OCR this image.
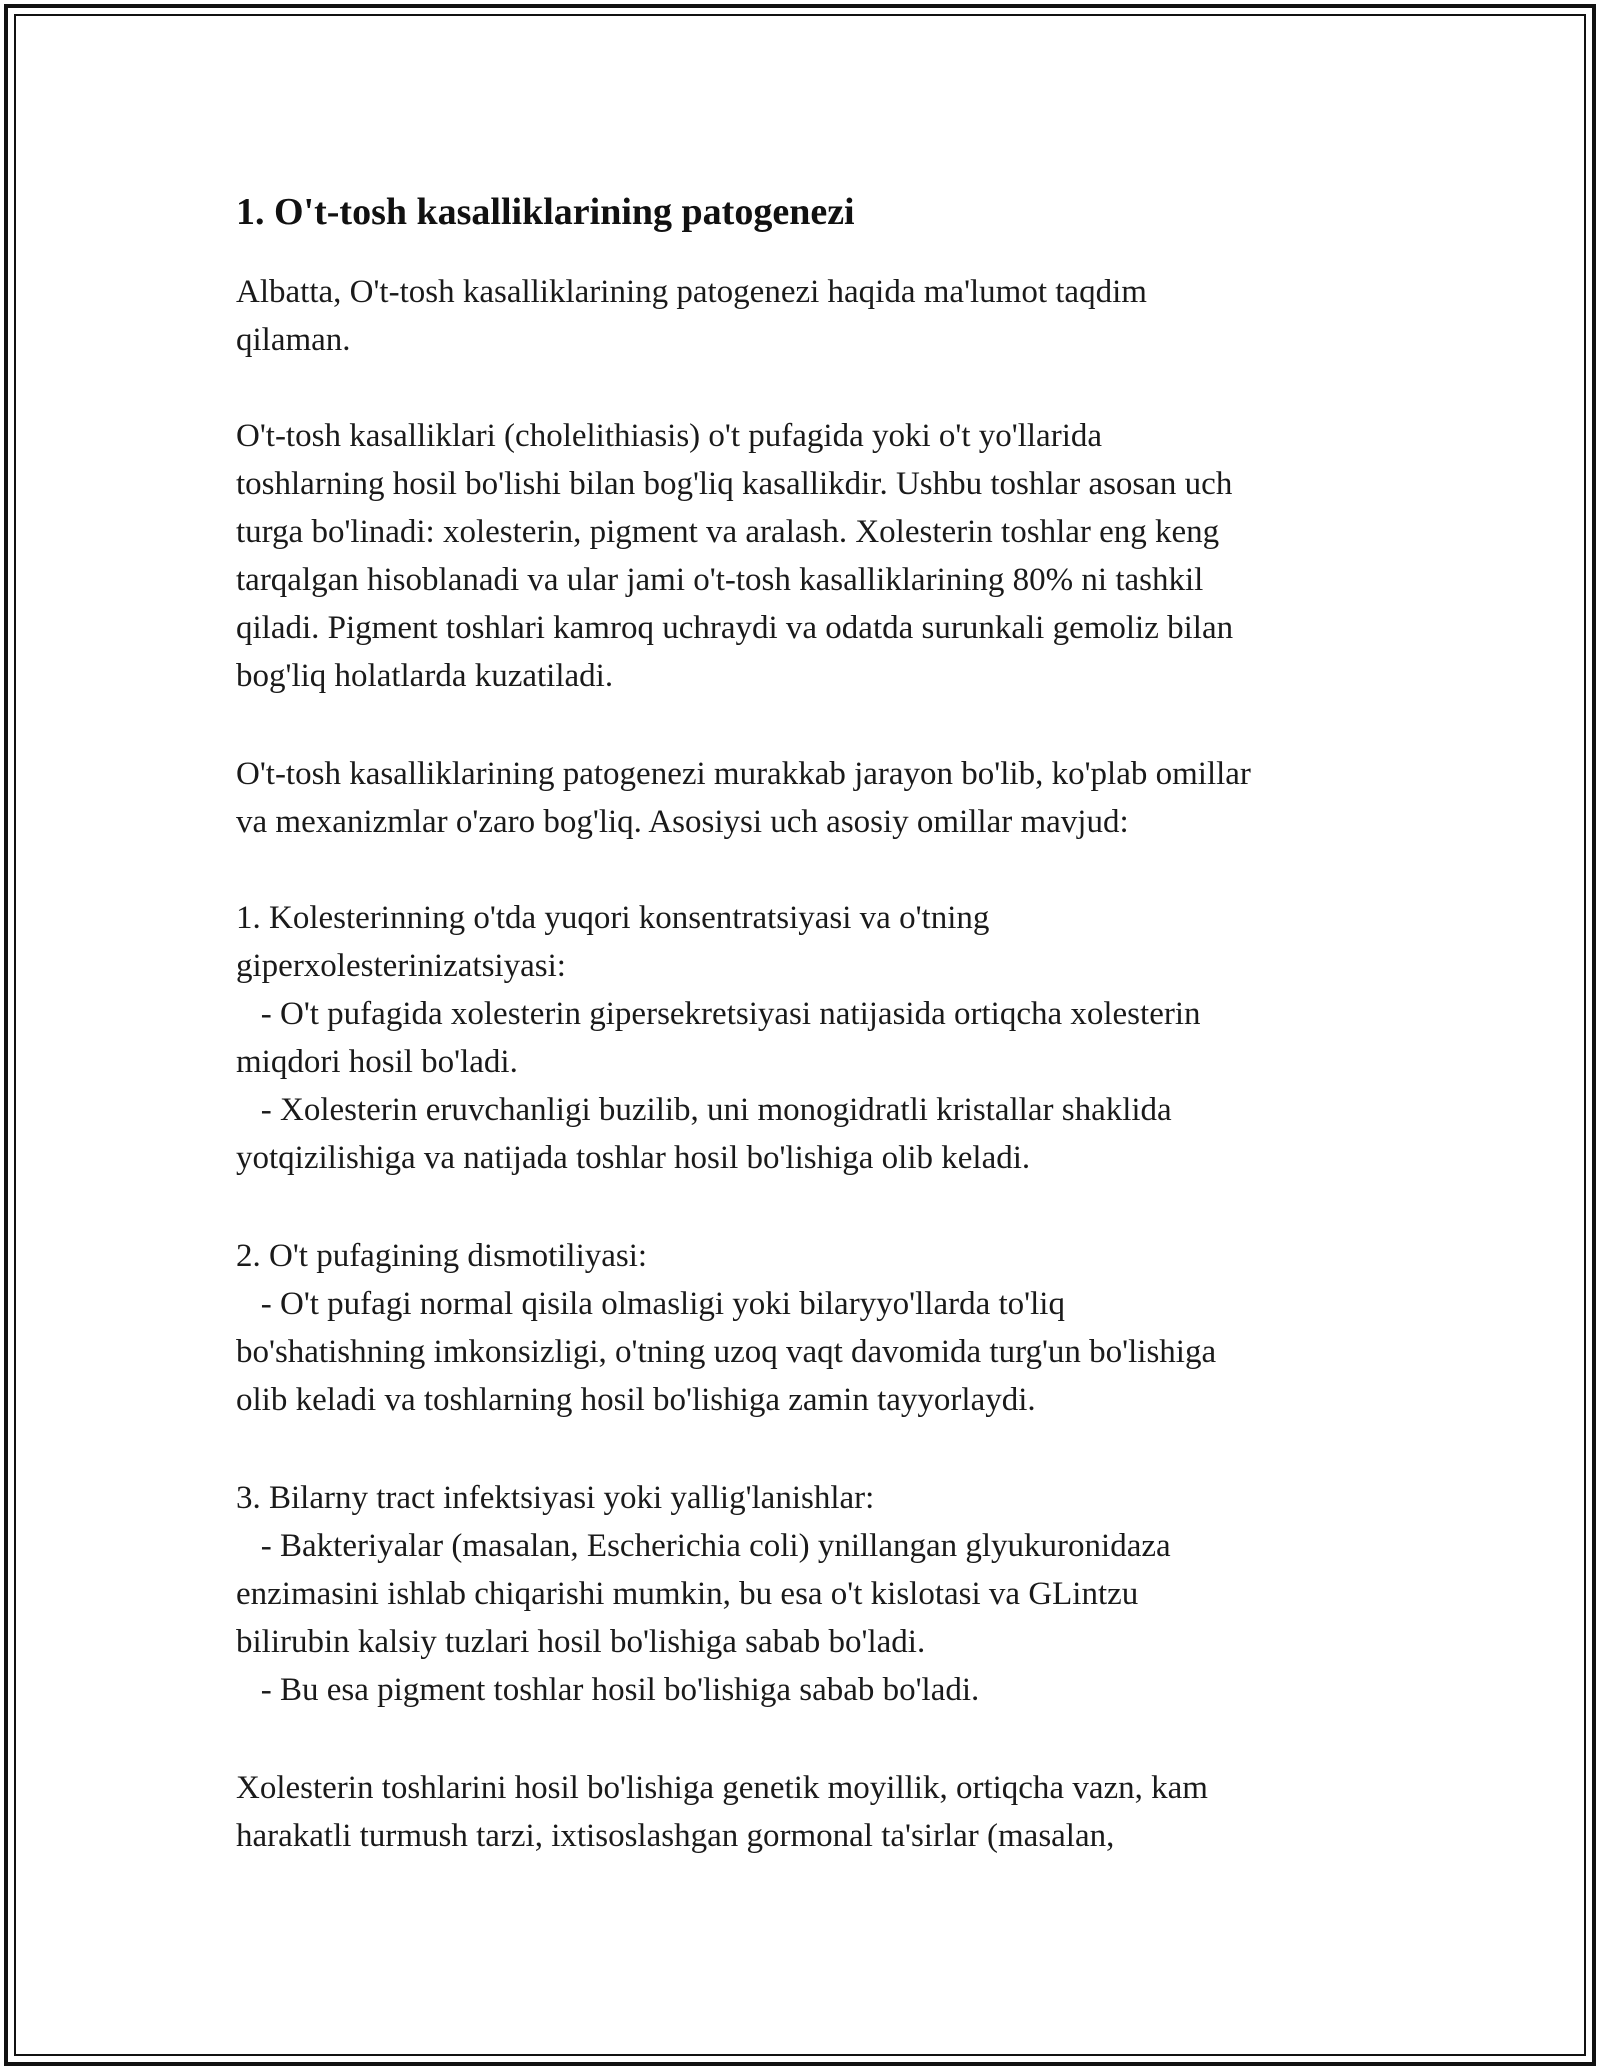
1. O't-tosh kasalliklarining patogenezi
Albatta, O't-tosh kasalliklarining patogenezi haqida ma'lumot taqdim
qilaman.
O't-tosh kasalliklari (cholelithiasis) o't pufagida yoki o't yo'llarida
toshlarning hosil bo'lishi bilan bog'liq kasallikdir. Ushbu toshlar asosan uch
turga bo'linadi: xolesterin, pigment va aralash. Xolesterin toshlar eng keng
tarqalgan hisoblanadi va ular jami o't-tosh kasalliklarining 80% ni tashkil
qiladi. Pigment toshlari kamroq uchraydi va odatda surunkali gemoliz bilan
bog'liq holatlarda kuzatiladi.
O't-tosh kasalliklarining patogenezi murakkab jarayon bo'lib, ko'plab omillar
va mexanizmlar o'zaro bog'liq. Asosiysi uch asosiy omillar mavjud:
1. Kolesterinning o'tda yuqori konsentratsiyasi va o'tning
giperxolesterinizatsiyasi:
- O't pufagida xolesterin gipersekretsiyasi natijasida ortiqcha xolesterin
miqdori hosil bo'ladi.
- Xolesterin eruvchanligi buzilib, uni monogidratli kristallar shaklida
yotqizilishiga va natijada toshlar hosil bo'lishiga olib keladi.
2. O't pufagining dismotiliyasi:
- O't pufagi normal qisila olmasligi yoki bilaryyo'llarda to'liq
bo'shatishning imkonsizligi, o'tning uzoq vaqt davomida turg'un bo'lishiga
olib keladi va toshlarning hosil bo'lishiga zamin tayyorlaydi.
3. Bilarny tract infektsiyasi yoki yallig'lanishlar:
- Bakteriyalar (masalan, Escherichia coli) ynillangan glyukuronidaza
enzimasini ishlab chiqarishi mumkin, bu esa o't kislotasi va GLintzu
bilirubin kalsiy tuzlari hosil bo'lishiga sabab bo'ladi.
- Bu esa pigment toshlar hosil bo'lishiga sabab bo'ladi.
Xolesterin toshlarini hosil bo'lishiga genetik moyillik, ortiqcha vazn, kam
harakatli turmush tarzi, ixtisoslashgan gormonal ta'sirlar (masalan,
